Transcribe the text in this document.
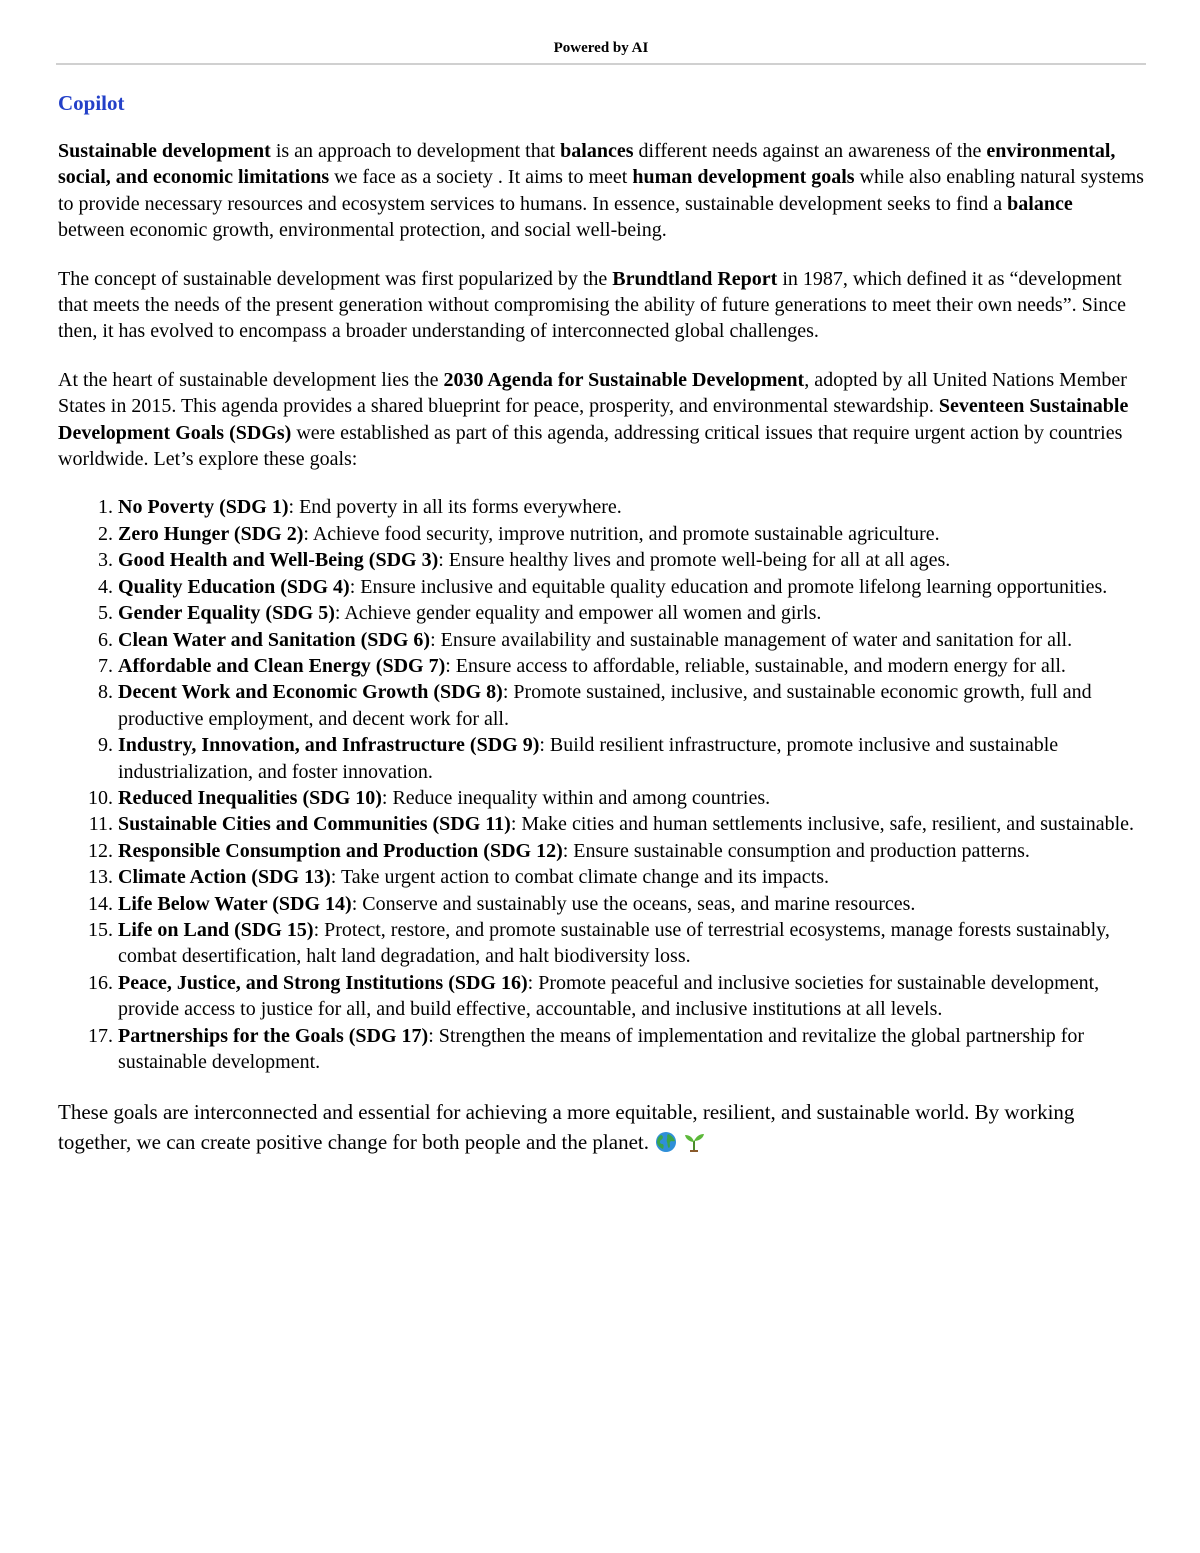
Powered by AI
Copilot

Sustainable development is an approach to development that balances different needs against an awareness of the environmental, social, and economic limitations we face as a society . It aims to meet human development goals while also enabling natural systems to provide necessary resources and ecosystem services to humans. In essence, sustainable development seeks to find a balance between economic growth, environmental protection, and social well-being.

The concept of sustainable development was first popularized by the Brundtland Report in 1987, which defined it as “development that meets the needs of the present generation without compromising the ability of future generations to meet their own needs”. Since then, it has evolved to encompass a broader understanding of interconnected global challenges.

At the heart of sustainable development lies the 2030 Agenda for Sustainable Development, adopted by all United Nations Member States in 2015. This agenda provides a shared blueprint for peace, prosperity, and environmental stewardship. Seventeen Sustainable Development Goals (SDGs) were established as part of this agenda, addressing critical issues that require urgent action by countries worldwide. Let’s explore these goals:

1. No Poverty (SDG 1): End poverty in all its forms everywhere.
2. Zero Hunger (SDG 2): Achieve food security, improve nutrition, and promote sustainable agriculture.
3. Good Health and Well-Being (SDG 3): Ensure healthy lives and promote well-being for all at all ages.
4. Quality Education (SDG 4): Ensure inclusive and equitable quality education and promote lifelong learning opportunities.
5. Gender Equality (SDG 5): Achieve gender equality and empower all women and girls.
6. Clean Water and Sanitation (SDG 6): Ensure availability and sustainable management of water and sanitation for all.
7. Affordable and Clean Energy (SDG 7): Ensure access to affordable, reliable, sustainable, and modern energy for all.
8. Decent Work and Economic Growth (SDG 8): Promote sustained, inclusive, and sustainable economic growth, full and productive employment, and decent work for all.
9. Industry, Innovation, and Infrastructure (SDG 9): Build resilient infrastructure, promote inclusive and sustainable industrialization, and foster innovation.
10. Reduced Inequalities (SDG 10): Reduce inequality within and among countries.
11. Sustainable Cities and Communities (SDG 11): Make cities and human settlements inclusive, safe, resilient, and sustainable.
12. Responsible Consumption and Production (SDG 12): Ensure sustainable consumption and production patterns.
13. Climate Action (SDG 13): Take urgent action to combat climate change and its impacts.
14. Life Below Water (SDG 14): Conserve and sustainably use the oceans, seas, and marine resources.
15. Life on Land (SDG 15): Protect, restore, and promote sustainable use of terrestrial ecosystems, manage forests sustainably, combat desertification, halt land degradation, and halt biodiversity loss.
16. Peace, Justice, and Strong Institutions (SDG 16): Promote peaceful and inclusive societies for sustainable development, provide access to justice for all, and build effective, accountable, and inclusive institutions at all levels.
17. Partnerships for the Goals (SDG 17): Strengthen the means of implementation and revitalize the global partnership for sustainable development.

These goals are interconnected and essential for achieving a more equitable, resilient, and sustainable world. By working together, we can create positive change for both people and the planet.
